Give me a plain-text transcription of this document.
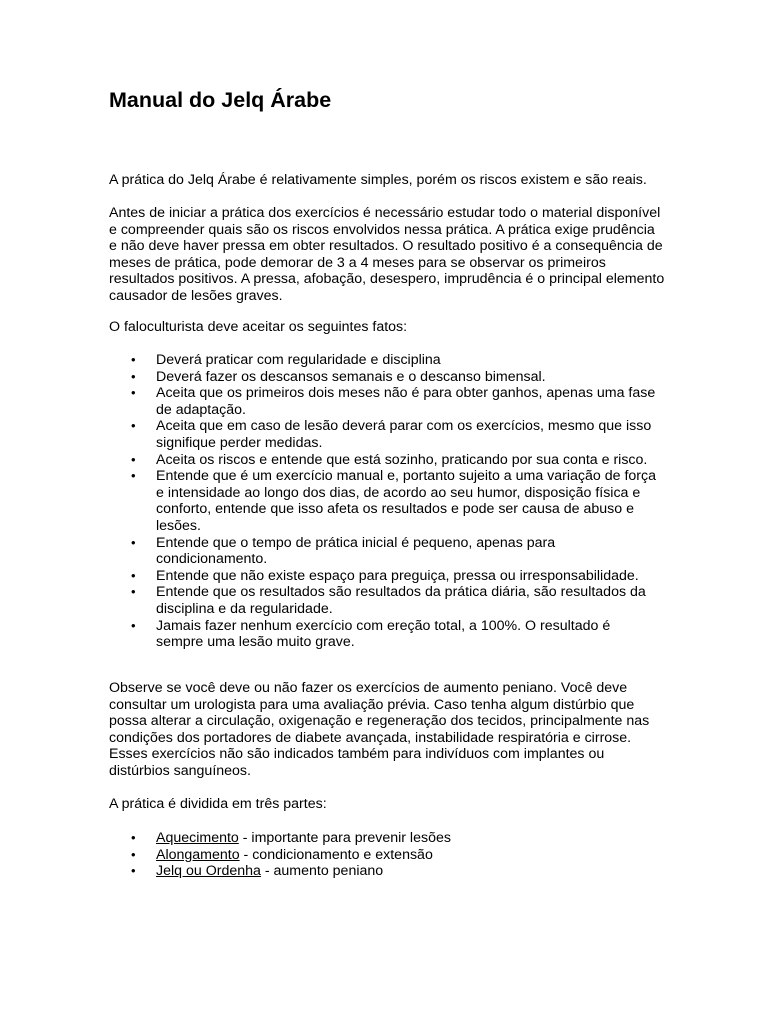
Manual do Jelq Árabe

A prática do Jelq Árabe é relativamente simples, porém os riscos existem e são reais.

Antes de iniciar a prática dos exercícios é necessário estudar todo o material disponível e compreender quais são os riscos envolvidos nessa prática. A prática exige prudência e não deve haver pressa em obter resultados. O resultado positivo é a consequência de meses de prática, pode demorar de 3 a 4 meses para se observar os primeiros resultados positivos. A pressa, afobação, desespero, imprudência é o principal elemento causador de lesões graves.

O faloculturista deve aceitar os seguintes fatos:

• Deverá praticar com regularidade e disciplina
• Deverá fazer os descansos semanais e o descanso bimensal.
• Aceita que os primeiros dois meses não é para obter ganhos, apenas uma fase de adaptação.
• Aceita que em caso de lesão deverá parar com os exercícios, mesmo que isso signifique perder medidas.
• Aceita os riscos e entende que está sozinho, praticando por sua conta e risco.
• Entende que é um exercício manual e, portanto sujeito a uma variação de força e intensidade ao longo dos dias, de acordo ao seu humor, disposição física e conforto, entende que isso afeta os resultados e pode ser causa de abuso e lesões.
• Entende que o tempo de prática inicial é pequeno, apenas para condicionamento.
• Entende que não existe espaço para preguiça, pressa ou irresponsabilidade.
• Entende que os resultados são resultados da prática diária, são resultados da disciplina e da regularidade.
• Jamais fazer nenhum exercício com ereção total, a 100%. O resultado é sempre uma lesão muito grave.

Observe se você deve ou não fazer os exercícios de aumento peniano. Você deve consultar um urologista para uma avaliação prévia. Caso tenha algum distúrbio que possa alterar a circulação, oxigenação e regeneração dos tecidos, principalmente nas condições dos portadores de diabete avançada, instabilidade respiratória e cirrose. Esses exercícios não são indicados também para indivíduos com implantes ou distúrbios sanguíneos.

A prática é dividida em três partes:

• Aquecimento - importante para prevenir lesões
• Alongamento - condicionamento e extensão
• Jelq ou Ordenha - aumento peniano
